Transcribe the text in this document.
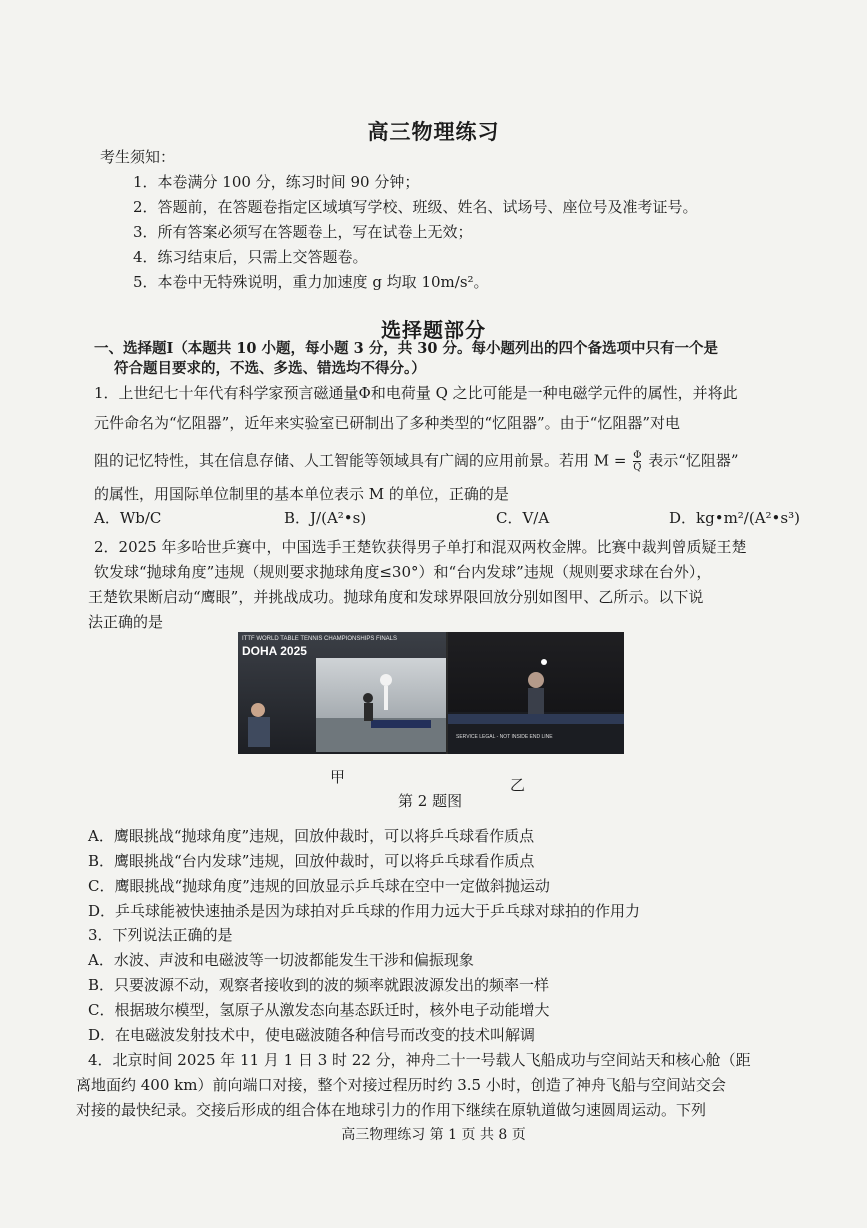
高三物理练习
考生须知：
1．本卷满分 100 分，练习时间 90 分钟；
2．答题前，在答题卷指定区域填写学校、班级、姓名、试场号、座位号及准考证号。
3．所有答案必须写在答题卷上，写在试卷上无效；
4．练习结束后，只需上交答题卷。
5．本卷中无特殊说明，重力加速度 g 均取 10m/s²。
选择题部分
一、选择题Ⅰ（本题共 10 小题，每小题 3 分，共 30 分。每小题列出的四个备选项中只有一个是
符合题目要求的，不选、多选、错选均不得分。）
1．上世纪七十年代有科学家预言磁通量Φ和电荷量 Q 之比可能是一种电磁学元件的属性，并将此
元件命名为“忆阻器”，近年来实验室已研制出了多种类型的“忆阻器”。由于“忆阻器”对电
阻的记忆特性，其在信息存储、人工智能等领域具有广阔的应用前景。若用 $M = \frac{\Phi}{Q}$ 表示“忆阻器”
的属性，用国际单位制里的基本单位表示 M 的单位，正确的是
A．Wb/C	B．J/(A²•s)	C．V/A	D．kg•m²/(A²•s³)
2．2025 年多哈世乒赛中，中国选手王楚钦获得男子单打和混双两枚金牌。比赛中裁判曾质疑王楚
钦发球“抛球角度”违规（规则要求抛球角度≤30°）和“台内发球”违规（规则要求球在台外），
王楚钦果断启动“鹰眼”，并挑战成功。抛球角度和发球界限回放分别如图甲、乙所示。以下说
法正确的是
ITTF WORLD TABLE TENNIS CHAMPIONSHIPS FINALS
DOHA 2025
SERVICE LEGAL - NOT INSIDE END LINE
甲	乙
第 2 题图
A．鹰眼挑战“抛球角度”违规，回放仲裁时，可以将乒乓球看作质点
B．鹰眼挑战“台内发球”违规，回放仲裁时，可以将乒乓球看作质点
C．鹰眼挑战“抛球角度”违规的回放显示乒乓球在空中一定做斜抛运动
D．乒乓球能被快速抽杀是因为球拍对乒乓球的作用力远大于乒乓球对球拍的作用力
3．下列说法正确的是
A．水波、声波和电磁波等一切波都能发生干涉和偏振现象
B．只要波源不动，观察者接收到的波的频率就跟波源发出的频率一样
C．根据玻尔模型，氢原子从激发态向基态跃迁时，核外电子动能增大
D．在电磁波发射技术中，使电磁波随各种信号而改变的技术叫解调
4．北京时间 2025 年 11 月 1 日 3 时 22 分，神舟二十一号载人飞船成功与空间站天和核心舱（距
离地面约 400 km）前向端口对接，整个对接过程历时约 3.5 小时，创造了神舟飞船与空间站交会
对接的最快纪录。交接后形成的组合体在地球引力的作用下继续在原轨道做匀速圆周运动。下列
高三物理练习 第 1 页 共 8 页
